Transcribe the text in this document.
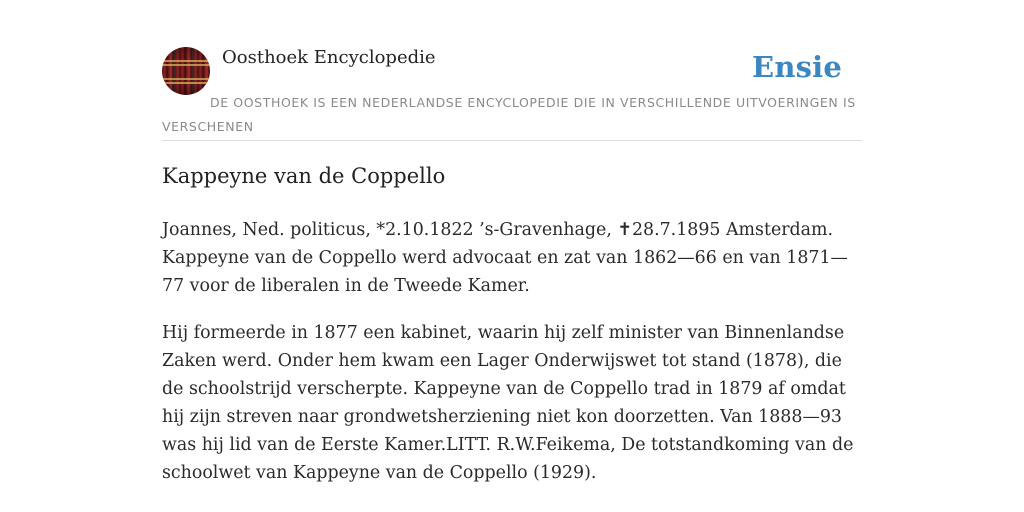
Oosthoek Encyclopedie	Ensie
DE OOSTHOEK IS EEN NEDERLANDSE ENCYCLOPEDIE DIE IN VERSCHILLENDE UITVOERINGEN IS VERSCHENEN
Kappeyne van de Coppello

Joannes, Ned. politicus, *2.10.1822 ’s-Gravenhage, ✝28.7.1895 Amsterdam. Kappeyne van de Coppello werd advocaat en zat van 1862—66 en van 1871—77 voor de liberalen in de Tweede Kamer.

Hij formeerde in 1877 een kabinet, waarin hij zelf minister van Binnenlandse Zaken werd. Onder hem kwam een Lager Onderwijswet tot stand (1878), die de schoolstrijd verscherpte. Kappeyne van de Coppello trad in 1879 af omdat hij zijn streven naar grondwetsherziening niet kon doorzetten. Van 1888—93 was hij lid van de Eerste Kamer.LITT. R.W.Feikema, De totstandkoming van de schoolwet van Kappeyne van de Coppello (1929).
